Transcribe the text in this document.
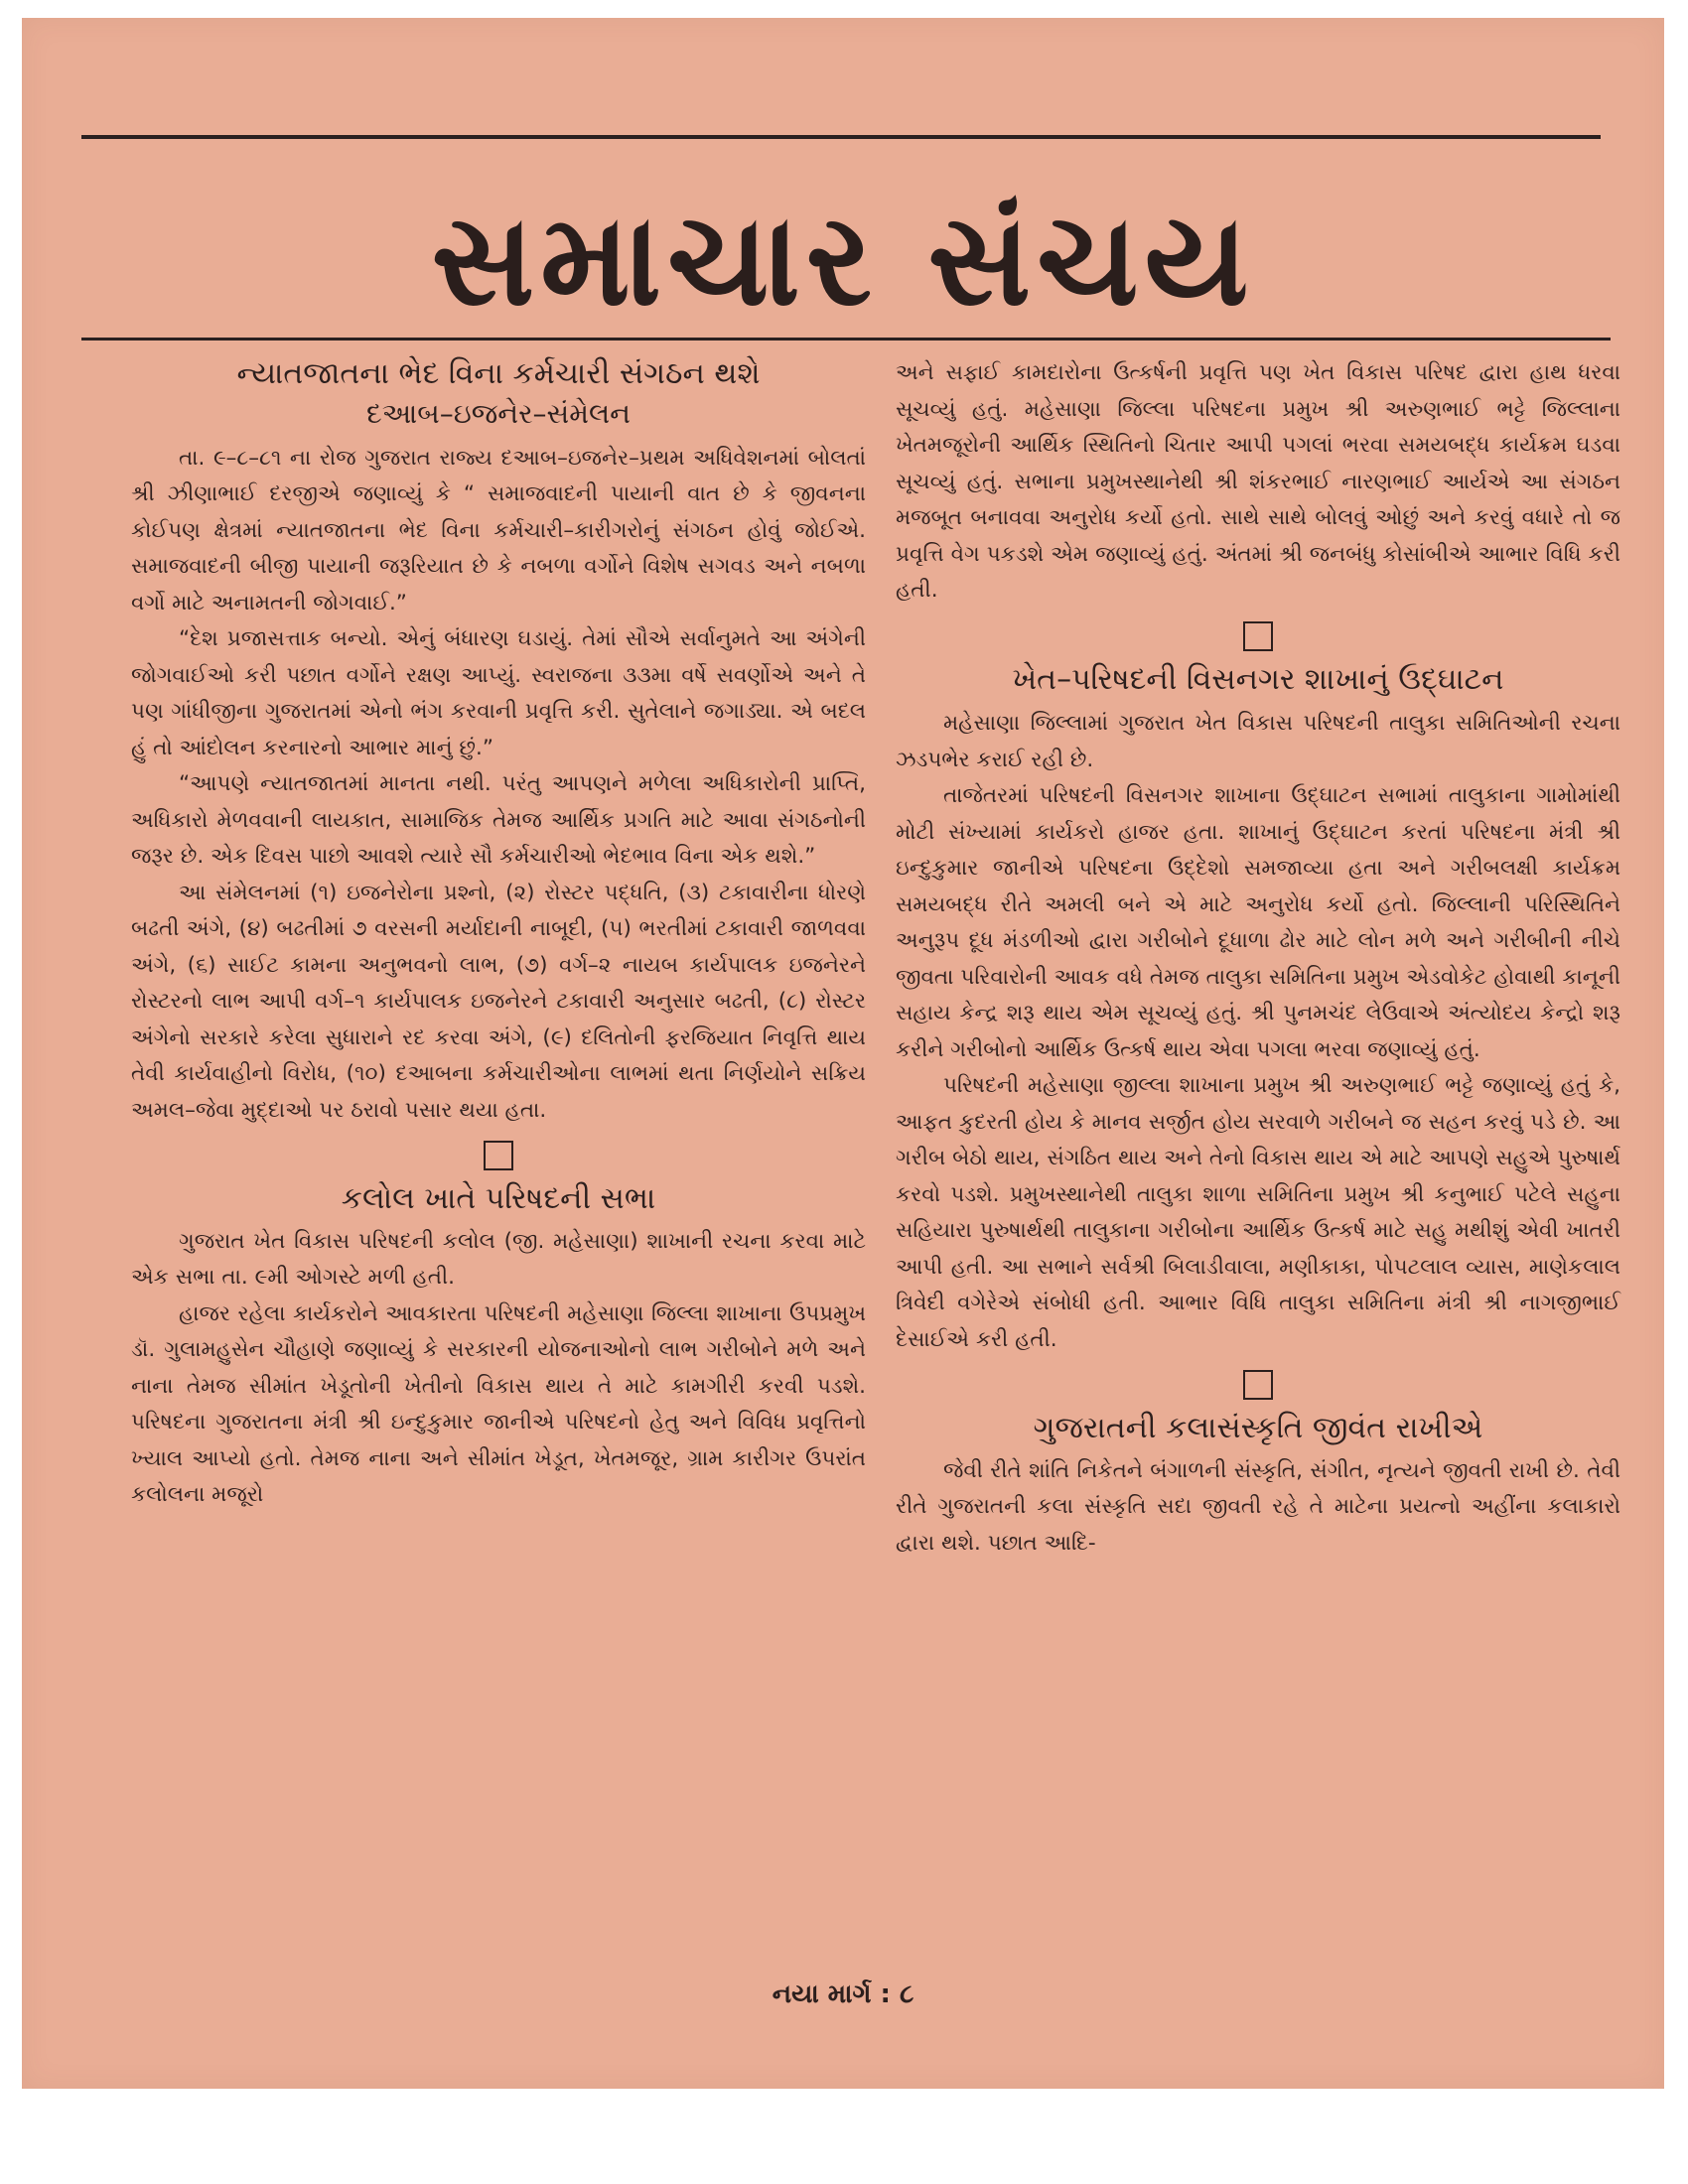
સમાચાર સંચય
ન્યાતજાતના ભેદ વિના કર્મચારી સંગઠન થશે
દઆબ–ઇજનેર–સંમેલન

તા. ૯–૮–૮૧ ના રોજ ગુજરાત રાજ્ય દઆબ–ઇજનેર–પ્રથમ અધિવેશનમાં બોલતાં શ્રી ઝીણાભાઈ દરજીએ જણાવ્યું કે “ સમાજવાદની પાયાની વાત છે કે જીવનના કોઈપણ ક્ષેત્રમાં ન્યાતજાતના ભેદ વિના કર્મચારી–કારીગરોનું સંગઠન હોવું જોઈએ. સમાજવાદની બીજી પાયાની જરૂરિયાત છે કે નબળા વર્ગોને વિશેષ સગવડ અને નબળા વર્ગો માટે અનામતની જોગવાઈ.”

“દેશ પ્રજાસત્તાક બન્યો. એનું બંધારણ ઘડાયું. તેમાં સૌએ સર્વાનુમતે આ અંગેની જોગવાઈઓ કરી પછાત વર્ગોને રક્ષણ આપ્યું. સ્વરાજના ૩૩મા વર્ષે સવર્ણોએ અને તે પણ ગાંધીજીના ગુજરાતમાં એનો ભંગ કરવાની પ્રવૃત્તિ કરી. સુતેલાને જગાડ્યા. એ બદલ હું તો આંદોલન કરનારનો આભાર માનું છું.”

“આપણે ન્યાતજાતમાં માનતા નથી. પરંતુ આપણને મળેલા અધિકારોની પ્રાપ્તિ, અધિકારો મેળવવાની લાયકાત, સામાજિક તેમજ આર્થિક પ્રગતિ માટે આવા સંગઠનોની જરૂર છે. એક દિવસ પાછો આવશે ત્યારે સૌ કર્મચારીઓ ભેદભાવ વિના એક થશે.”

આ સંમેલનમાં (૧) ઇજનેરોના પ્રશ્નો, (૨) રોસ્ટર પદ્ધતિ, (૩) ટકાવારીના ધોરણે બઢતી અંગે, (૪) બઢતીમાં ૭ વરસની મર્યાદાની નાબૂદી, (૫) ભરતીમાં ટકાવારી જાળવવા અંગે, (૬) સાઈટ કામના અનુભવનો લાભ, (૭) વર્ગ–૨ નાયબ કાર્યપાલક ઇજનેરને રોસ્ટરનો લાભ આપી વર્ગ–૧ કાર્યપાલક ઇજનેરને ટકાવારી અનુસાર બઢતી, (૮) રોસ્ટર અંગેનો સરકારે કરેલા સુધારાને રદ કરવા અંગે, (૯) દલિતોની ફરજિયાત નિવૃત્તિ થાય તેવી કાર્યવાહીનો વિરોધ, (૧૦) દઆબના કર્મચારીઓના લાભમાં થતા નિર્ણયોને સક્રિય અમલ–જેવા મુદ્દાઓ પર ઠરાવો પસાર થયા હતા.

કલોલ ખાતે પરિષદની સભા

ગુજરાત ખેત વિકાસ પરિષદની કલોલ (જી. મહેસાણા) શાખાની રચના કરવા માટે એક સભા તા. ૯મી ઓગસ્ટે મળી હતી.

હાજર રહેલા કાર્યકરોને આવકારતા પરિષદની મહેસાણા જિલ્લા શાખાના ઉપપ્રમુખ ડૉ. ગુલામહુસેન ચૌહાણે જણાવ્યું કે સરકારની યોજનાઓનો લાભ ગરીબોને મળે અને નાના તેમજ સીમાંત ખેડૂતોની ખેતીનો વિકાસ થાય તે માટે કામગીરી કરવી પડશે. પરિષદના ગુજરાતના મંત્રી શ્રી ઇન્દુકુમાર જાનીએ પરિષદનો હેતુ અને વિવિધ પ્રવૃત્તિનો ખ્યાલ આપ્યો હતો. તેમજ નાના અને સીમાંત ખેડૂત, ખેતમજૂર, ગ્રામ કારીગર ઉપરાંત કલોલના મજૂરો

અને સફાઈ કામદારોના ઉત્કર્ષની પ્રવૃત્તિ પણ ખેત વિકાસ પરિષદ દ્વારા હાથ ધરવા સૂચવ્યું હતું. મહેસાણા જિલ્લા પરિષદના પ્રમુખ શ્રી અરુણભાઈ ભટ્ટે જિલ્લાના ખેતમજૂરોની આર્થિક સ્થિતિનો ચિતાર આપી પગલાં ભરવા સમયબદ્ધ કાર્યક્રમ ઘડવા સૂચવ્યું હતું. સભાના પ્રમુખસ્થાનેથી શ્રી શંકરભાઈ નારણભાઈ આર્યએ આ સંગઠન મજબૂત બનાવવા અનુરોધ કર્યો હતો. સાથે સાથે બોલવું ઓછું અને કરવું વધારે તો જ પ્રવૃત્તિ વેગ પકડશે એમ જણાવ્યું હતું. અંતમાં શ્રી જનબંધુ કોસાંબીએ આભાર વિધિ કરી હતી.

ખેત–પરિષદની વિસનગર શાખાનું ઉદ્ઘાટન

મહેસાણા જિલ્લામાં ગુજરાત ખેત વિકાસ પરિષદની તાલુકા સમિતિઓની રચના ઝડપભેર કરાઈ રહી છે.

તાજેતરમાં પરિષદની વિસનગર શાખાના ઉદ્ઘાટન સભામાં તાલુકાના ગામોમાંથી મોટી સંખ્યામાં કાર્યકરો હાજર હતા. શાખાનું ઉદ્ઘાટન કરતાં પરિષદના મંત્રી શ્રી ઇન્દુકુમાર જાનીએ પરિષદના ઉદ્દેશો સમજાવ્યા હતા અને ગરીબલક્ષી કાર્યક્રમ સમયબદ્ધ રીતે અમલી બને એ માટે અનુરોધ કર્યો હતો. જિલ્લાની પરિસ્થિતિને અનુરૂપ દૂધ મંડળીઓ દ્વારા ગરીબોને દૂધાળા ઢોર માટે લોન મળે અને ગરીબીની નીચે જીવતા પરિવારોની આવક વધે તેમજ તાલુકા સમિતિના પ્રમુખ એડવોકેટ હોવાથી કાનૂની સહાય કેન્દ્ર શરૂ થાય એમ સૂચવ્યું હતું. શ્રી પુનમચંદ લેઉવાએ અંત્યોદય કેન્દ્રો શરૂ કરીને ગરીબોનો આર્થિક ઉત્કર્ષ થાય એવા પગલા ભરવા જણાવ્યું હતું.

પરિષદની મહેસાણા જીલ્લા શાખાના પ્રમુખ શ્રી અરુણભાઈ ભટ્ટે જણાવ્યું હતું કે, આફત કુદરતી હોય કે માનવ સર્જીત હોય સરવાળે ગરીબને જ સહન કરવું પડે છે. આ ગરીબ બેઠો થાય, સંગઠિત થાય અને તેનો વિકાસ થાય એ માટે આપણે સહુએ પુરુષાર્થ કરવો પડશે. પ્રમુખસ્થાનેથી તાલુકા શાળા સમિતિના પ્રમુખ શ્રી કનુભાઈ પટેલે સહુના સહિયારા પુરુષાર્થથી તાલુકાના ગરીબોના આર્થિક ઉત્કર્ષ માટે સહુ મથીશું એવી ખાતરી આપી હતી. આ સભાને સર્વશ્રી બિલાડીવાલા, મણીકાકા, પોપટલાલ વ્યાસ, માણેકલાલ ત્રિવેદી વગેરેએ સંબોધી હતી. આભાર વિધિ તાલુકા સમિતિના મંત્રી શ્રી નાગજીભાઈ દેસાઈએ કરી હતી.

ગુજરાતની કલાસંસ્કૃતિ જીવંત રાખીએ

જેવી રીતે શાંતિ નિકેતને બંગાળની સંસ્કૃતિ, સંગીત, નૃત્યને જીવતી રાખી છે. તેવી રીતે ગુજરાતની કલા સંસ્કૃતિ સદા જીવતી રહે તે માટેના પ્રયત્નો અહીંના કલાકારો દ્વારા થશે. પછાત આદિ-

નયા માર્ગ : ૮
